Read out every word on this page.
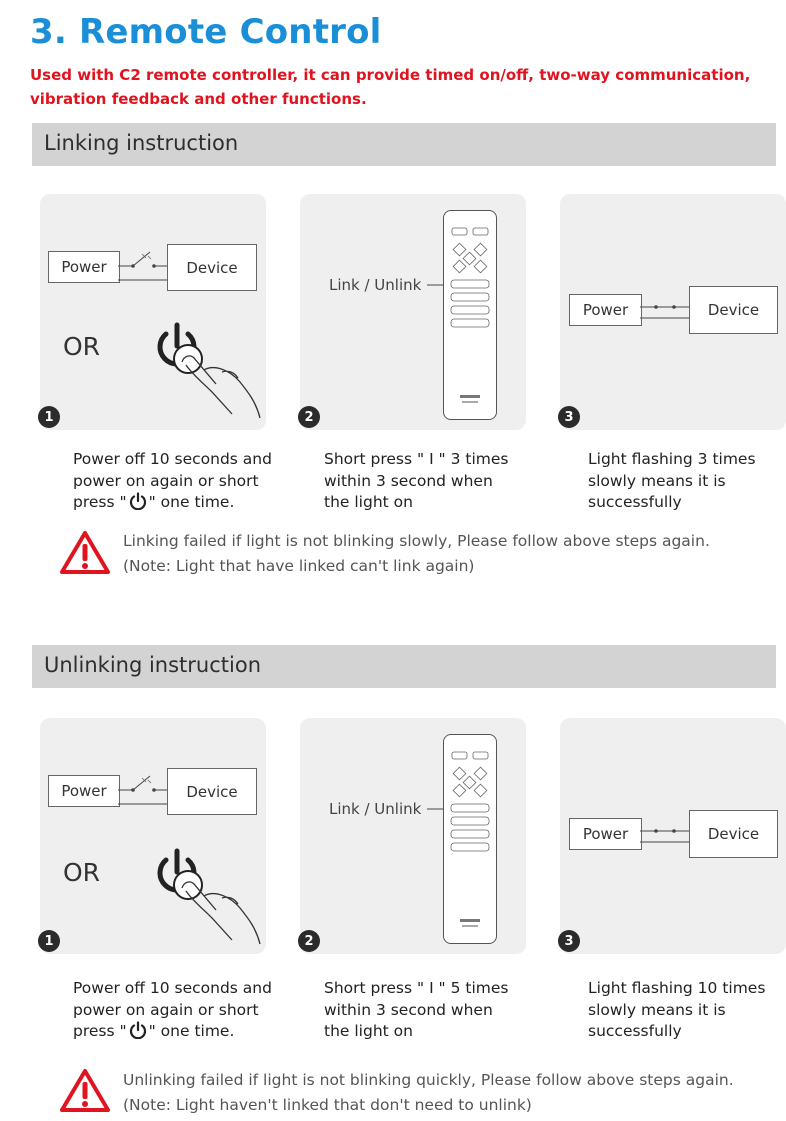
3. Remote Control
Used with C2 remote controller, it can provide timed on/off, two-way communication, vibration feedback and other functions.
Linking instruction
Power	Device
OR
1
Link / Unlink
2
Power	Device
3
Power off 10 seconds and
power on again or short
press " " one time.
Short press " I " 3 times
within 3 second when
the light on
Light flashing 3 times
slowly means it is
successfully
Linking failed if light is not blinking slowly, Please follow above steps again.
(Note: Light that have linked can't link again)
Unlinking instruction
Power	Device
OR
1
Link / Unlink
2
Power	Device
3
Power off 10 seconds and
power on again or short
press " " one time.
Short press " I " 5 times
within 3 second when
the light on
Light flashing 10 times
slowly means it is
successfully
Unlinking failed if light is not blinking quickly, Please follow above steps again.
(Note: Light haven't linked that don't need to unlink)
